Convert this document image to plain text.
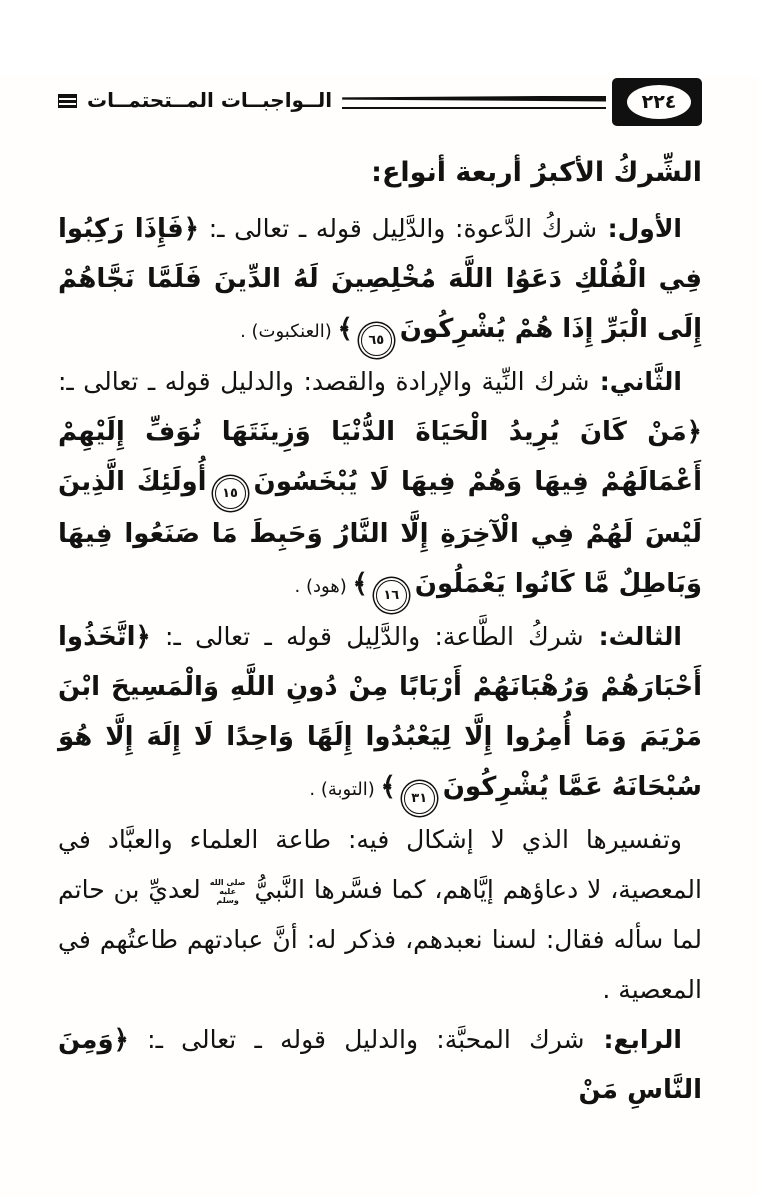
٢٢٤
الــواجبــات المــتحتمــات
الشِّركُ الأكبرُ أربعة أنواع:

الأول: شركُ الدَّعوة: والدَّلِيل قوله ـ تعالى ـ: ﴿فَإِذَا رَكِبُوا فِي الْفُلْكِ دَعَوُا اللَّهَ مُخْلِصِينَ لَهُ الدِّينَ فَلَمَّا نَجَّاهُمْ إِلَى الْبَرِّ إِذَا هُمْ يُشْرِكُونَ٦٥﴾ (العنكبوت) .

الثَّاني: شرك النِّية والإرادة والقصد: والدليل قوله ـ تعالى ـ: ﴿مَنْ كَانَ يُرِيدُ الْحَيَاةَ الدُّنْيَا وَزِينَتَهَا نُوَفِّ إِلَيْهِمْ أَعْمَالَهُمْ فِيهَا وَهُمْ فِيهَا لَا يُبْخَسُونَ١٥أُولَئِكَ الَّذِينَ لَيْسَ لَهُمْ فِي الْآخِرَةِ إِلَّا النَّارُ وَحَبِطَ مَا صَنَعُوا فِيهَا وَبَاطِلٌ مَّا كَانُوا يَعْمَلُونَ١٦﴾ (هود) .

الثالث: شركُ الطَّاعة: والدَّلِيل قوله ـ تعالى ـ: ﴿اتَّخَذُوا أَحْبَارَهُمْ وَرُهْبَانَهُمْ أَرْبَابًا مِنْ دُونِ اللَّهِ وَالْمَسِيحَ ابْنَ مَرْيَمَ وَمَا أُمِرُوا إِلَّا لِيَعْبُدُوا إِلَهًا وَاحِدًا لَا إِلَهَ إِلَّا هُوَ سُبْحَانَهُ عَمَّا يُشْرِكُونَ٣١﴾ (التوبة) .

وتفسيرها الذي لا إشكال فيه: طاعة العلماء والعبَّاد في المعصية، لا دعاؤهم إيَّاهم، كما فسَّرها النَّبيُّ صلى الله عليه وسلم لعديِّ بن حاتم لما سأله فقال: لسنا نعبدهم، فذكر له: أنَّ عبادتهم طاعتُهم في المعصية .

الرابع: شرك المحبَّة: والدليل قوله ـ تعالى ـ: ﴿وَمِنَ النَّاسِ مَنْ
